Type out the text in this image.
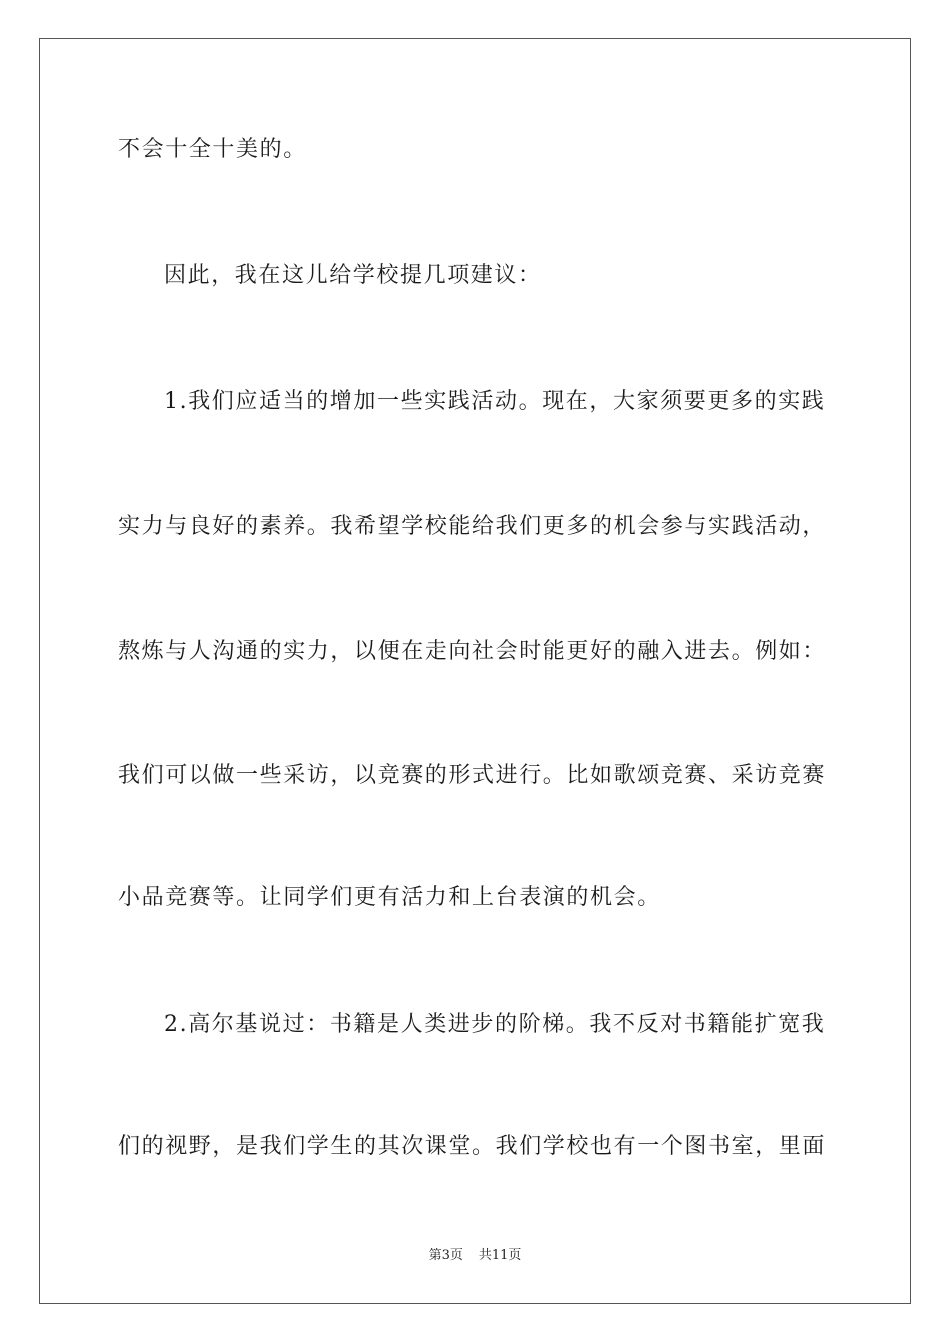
不会十全十美的。
因此，我在这儿给学校提几项建议：
1.我们应适当的增加一些实践活动。现在，大家须要更多的实践
实力与良好的素养。我希望学校能给我们更多的机会参与实践活动，
熬炼与人沟通的实力，以便在走向社会时能更好的融入进去。例如：
我们可以做一些采访，以竞赛的形式进行。比如歌颂竞赛、采访竞赛
小品竞赛等。让同学们更有活力和上台表演的机会。
2.高尔基说过：书籍是人类进步的阶梯。我不反对书籍能扩宽我
们的视野，是我们学生的其次课堂。我们学校也有一个图书室，里面
第3页 共11页
